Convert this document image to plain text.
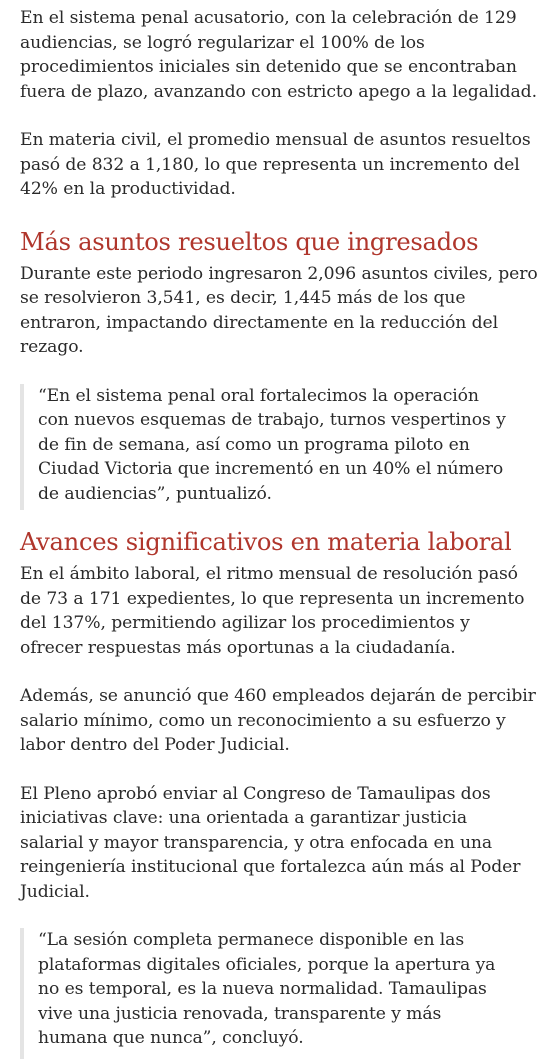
En el sistema penal acusatorio, con la celebración de 129

audiencias, se logró regularizar el 100% de los

procedimientos iniciales sin detenido que se encontraban

fuera de plazo, avanzando con estricto apego a la legalidad.

En materia civil, el promedio mensual de asuntos resueltos

pasó de 832 a 1,180, lo que representa un incremento del

42% en la productividad.

Más asuntos resueltos que ingresados

Durante este periodo ingresaron 2,096 asuntos civiles, pero

se resolvieron 3,541, es decir, 1,445 más de los que

entraron, impactando directamente en la reducción del

rezago.

“En el sistema penal oral fortalecimos la operación

con nuevos esquemas de trabajo, turnos vespertinos y

de fin de semana, así como un programa piloto en

Ciudad Victoria que incrementó en un 40% el número

de audiencias”, puntualizó.

Avances significativos en materia laboral

En el ámbito laboral, el ritmo mensual de resolución pasó

de 73 a 171 expedientes, lo que representa un incremento

del 137%, permitiendo agilizar los procedimientos y

ofrecer respuestas más oportunas a la ciudadanía.

Además, se anunció que 460 empleados dejarán de percibir

salario mínimo, como un reconocimiento a su esfuerzo y

labor dentro del Poder Judicial.

El Pleno aprobó enviar al Congreso de Tamaulipas dos

iniciativas clave: una orientada a garantizar justicia

salarial y mayor transparencia, y otra enfocada en una

reingeniería institucional que fortalezca aún más al Poder

Judicial.

“La sesión completa permanece disponible en las

plataformas digitales oficiales, porque la apertura ya

no es temporal, es la nueva normalidad. Tamaulipas

vive una justicia renovada, transparente y más

humana que nunca”, concluyó.
